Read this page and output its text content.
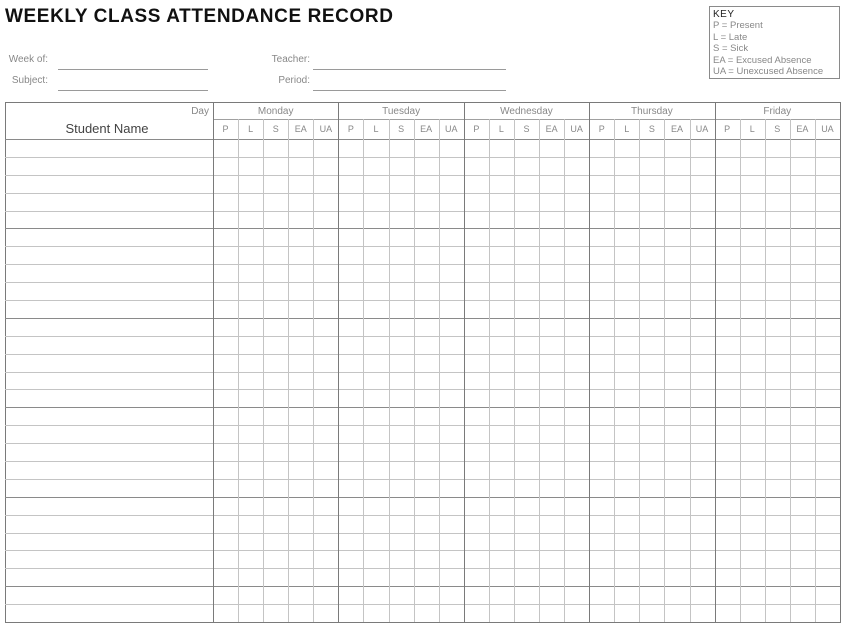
WEEKLY CLASS ATTENDANCE RECORD	KEY
P = Present
L = Late
S = Sick
EA = Excused Absence
UA = Unexcused Absence
Week of:
Subject:
Teacher:
Period:
Day
Student Name
Monday
P L S EA UA
Tuesday
P L S EA UA
Wednesday
P L S EA UA
Thursday
P L S EA UA
Friday
P L S EA UA
